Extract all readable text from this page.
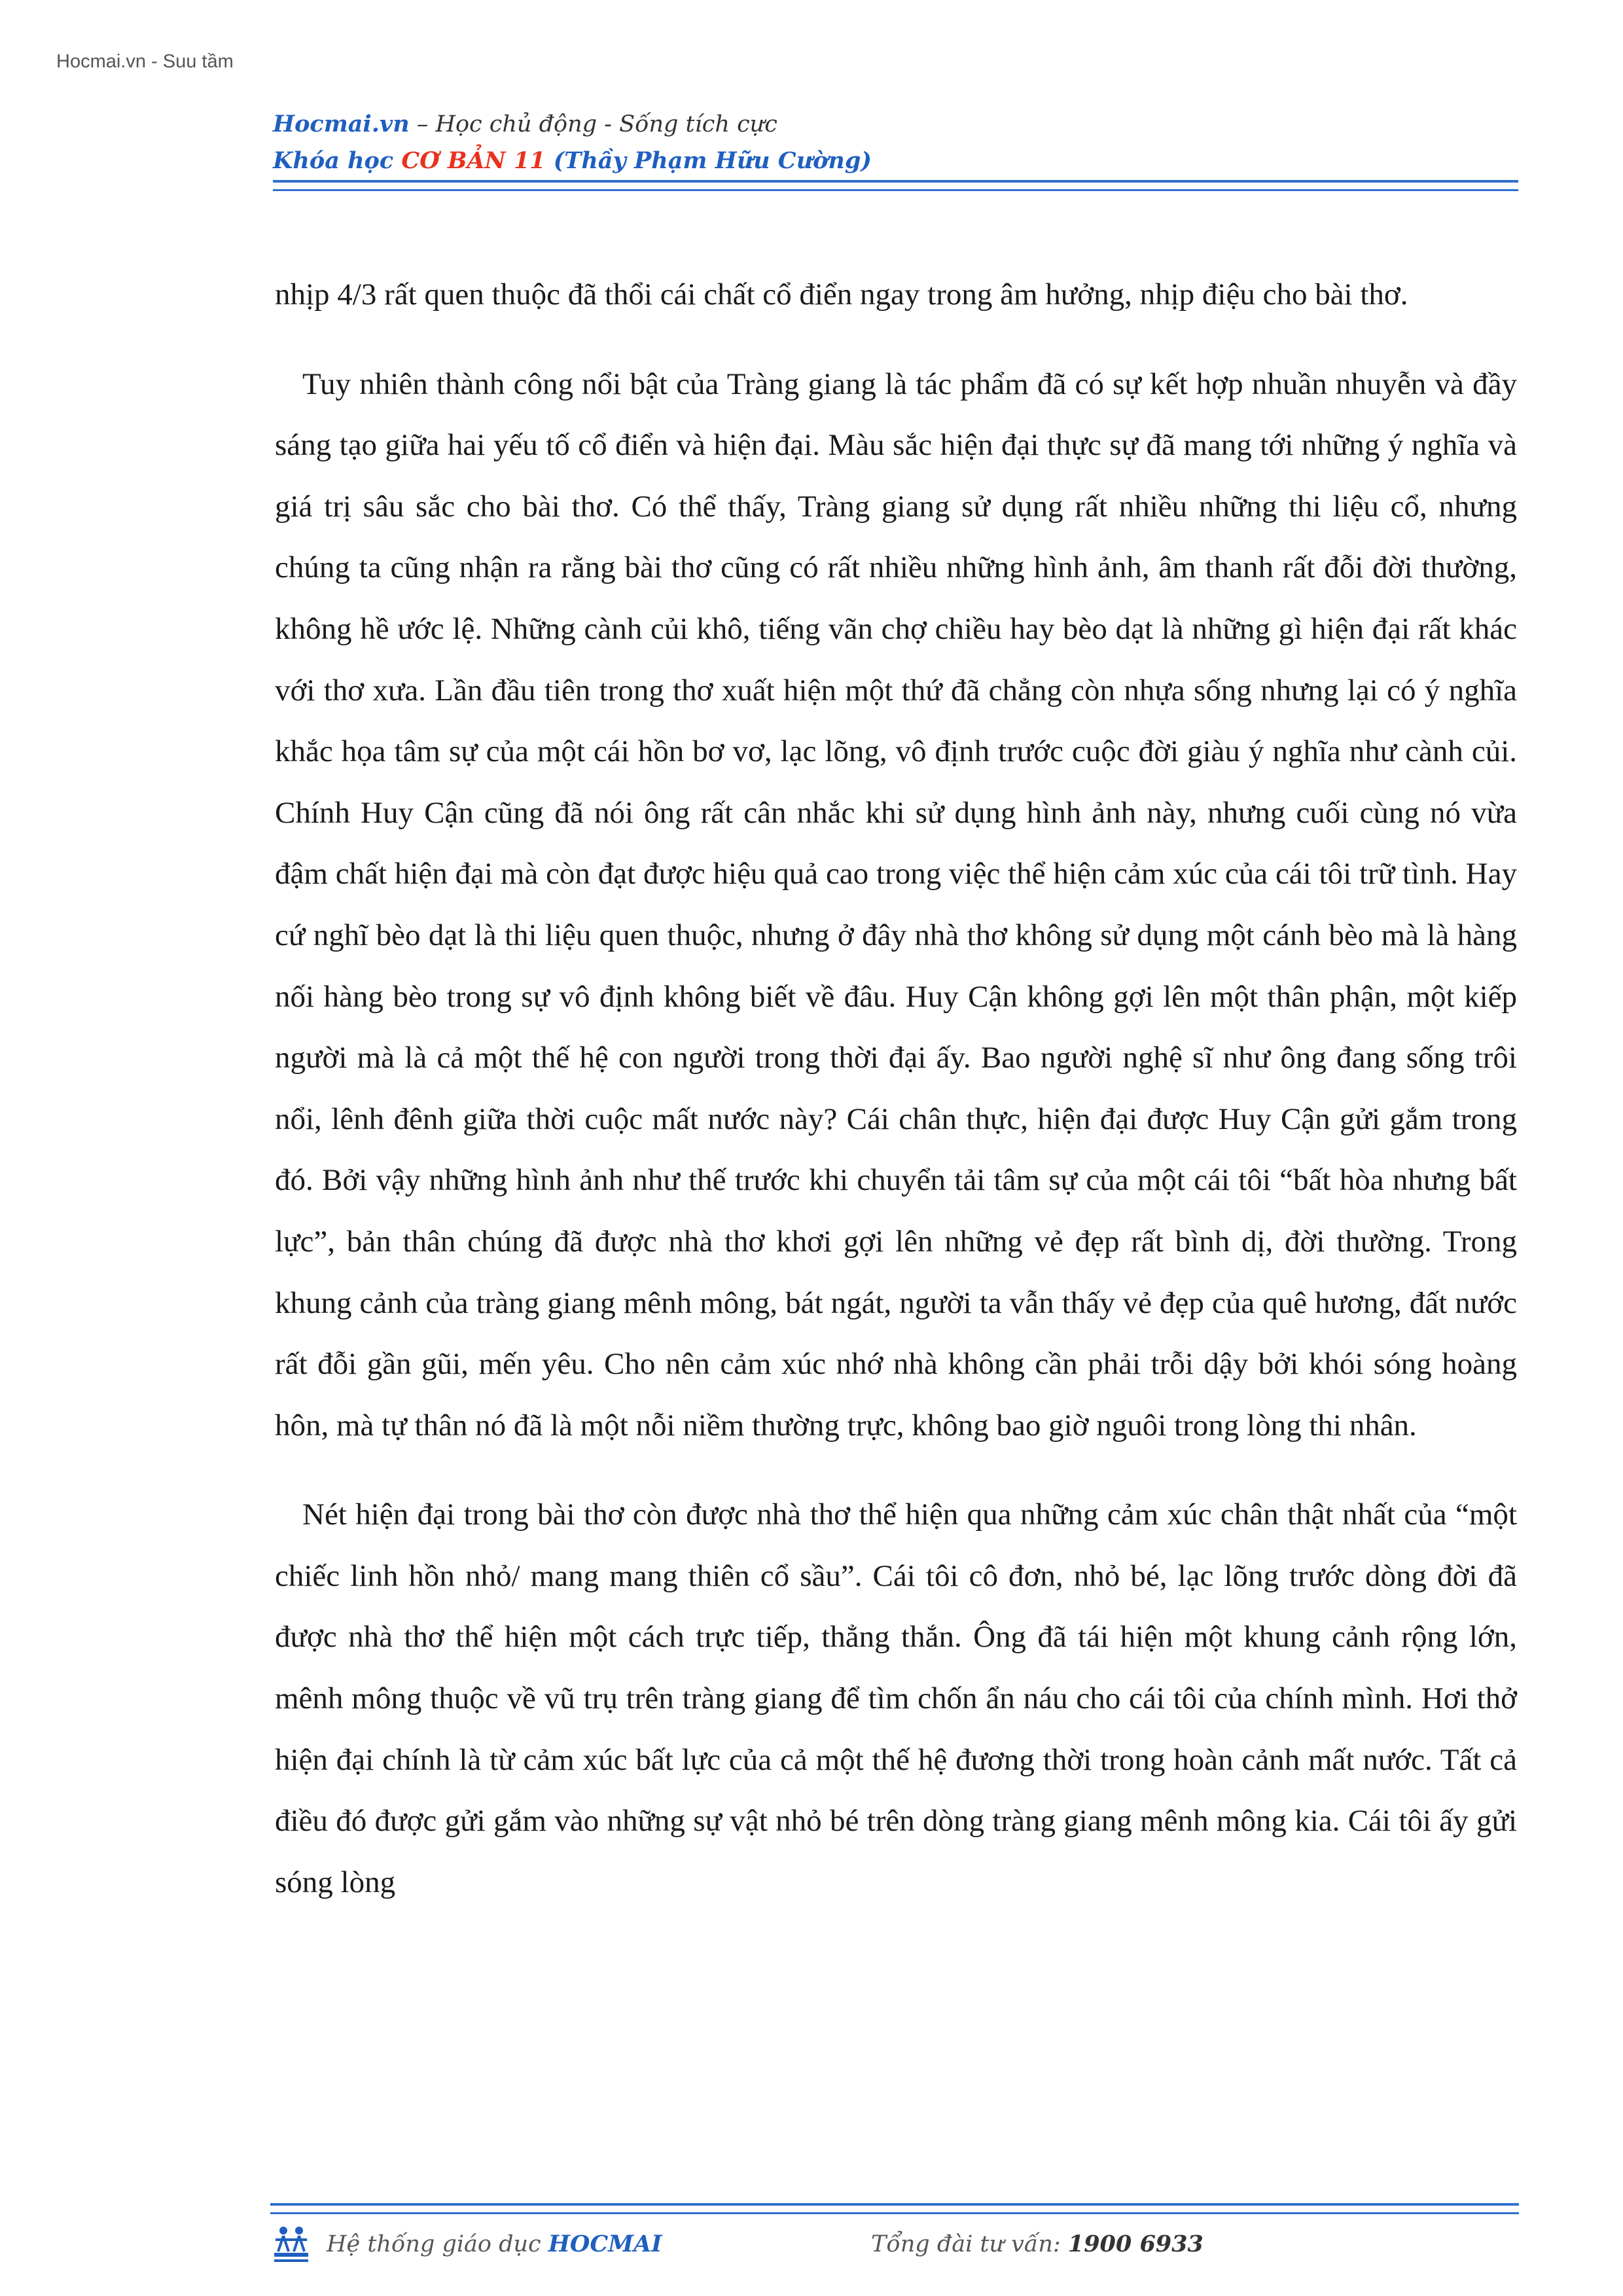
Hocmai.vn - Suu tầm
Hocmai.vn – Học chủ động - Sống tích cực
Khóa học CƠ BẢN 11 (Thầy Phạm Hữu Cường)

nhịp 4/3 rất quen thuộc đã thổi cái chất cổ điển ngay trong âm hưởng, nhịp điệu cho bài thơ.

Tuy nhiên thành công nổi bật của Tràng giang là tác phẩm đã có sự kết hợp nhuần nhuyễn và đầy sáng tạo giữa hai yếu tố cổ điển và hiện đại. Màu sắc hiện đại thực sự đã mang tới những ý nghĩa và giá trị sâu sắc cho bài thơ. Có thể thấy, Tràng giang sử dụng rất nhiều những thi liệu cổ, nhưng chúng ta cũng nhận ra rằng bài thơ cũng có rất nhiều những hình ảnh, âm thanh rất đỗi đời thường, không hề ước lệ. Những cành củi khô, tiếng vãn chợ chiều hay bèo dạt là những gì hiện đại rất khác với thơ xưa. Lần đầu tiên trong thơ xuất hiện một thứ đã chẳng còn nhựa sống nhưng lại có ý nghĩa khắc họa tâm sự của một cái hồn bơ vơ, lạc lõng, vô định trước cuộc đời giàu ý nghĩa như cành củi. Chính Huy Cận cũng đã nói ông rất cân nhắc khi sử dụng hình ảnh này, nhưng cuối cùng nó vừa đậm chất hiện đại mà còn đạt được hiệu quả cao trong việc thể hiện cảm xúc của cái tôi trữ tình. Hay cứ nghĩ bèo dạt là thi liệu quen thuộc, nhưng ở đây nhà thơ không sử dụng một cánh bèo mà là hàng nối hàng bèo trong sự vô định không biết về đâu. Huy Cận không gợi lên một thân phận, một kiếp người mà là cả một thế hệ con người trong thời đại ấy. Bao người nghệ sĩ như ông đang sống trôi nổi, lênh đênh giữa thời cuộc mất nước này? Cái chân thực, hiện đại được Huy Cận gửi gắm trong đó. Bởi vậy những hình ảnh như thế trước khi chuyển tải tâm sự của một cái tôi “bất hòa nhưng bất lực”, bản thân chúng đã được nhà thơ khơi gợi lên những vẻ đẹp rất bình dị, đời thường. Trong khung cảnh của tràng giang mênh mông, bát ngát, người ta vẫn thấy vẻ đẹp của quê hương, đất nước rất đỗi gần gũi, mến yêu. Cho nên cảm xúc nhớ nhà không cần phải trỗi dậy bởi khói sóng hoàng hôn, mà tự thân nó đã là một nỗi niềm thường trực, không bao giờ nguôi trong lòng thi nhân.

Nét hiện đại trong bài thơ còn được nhà thơ thể hiện qua những cảm xúc chân thật nhất của “một chiếc linh hồn nhỏ/ mang mang thiên cổ sầu”. Cái tôi cô đơn, nhỏ bé, lạc lõng trước dòng đời đã được nhà thơ thể hiện một cách trực tiếp, thẳng thắn. Ông đã tái hiện một khung cảnh rộng lớn, mênh mông thuộc về vũ trụ trên tràng giang để tìm chốn ẩn náu cho cái tôi của chính mình. Hơi thở hiện đại chính là từ cảm xúc bất lực của cả một thế hệ đương thời trong hoàn cảnh mất nước. Tất cả điều đó được gửi gắm vào những sự vật nhỏ bé trên dòng tràng giang mênh mông kia. Cái tôi ấy gửi sóng lòng

Hệ thống giáo dục HOCMAI	Tổng đài tư vấn: 1900 6933
